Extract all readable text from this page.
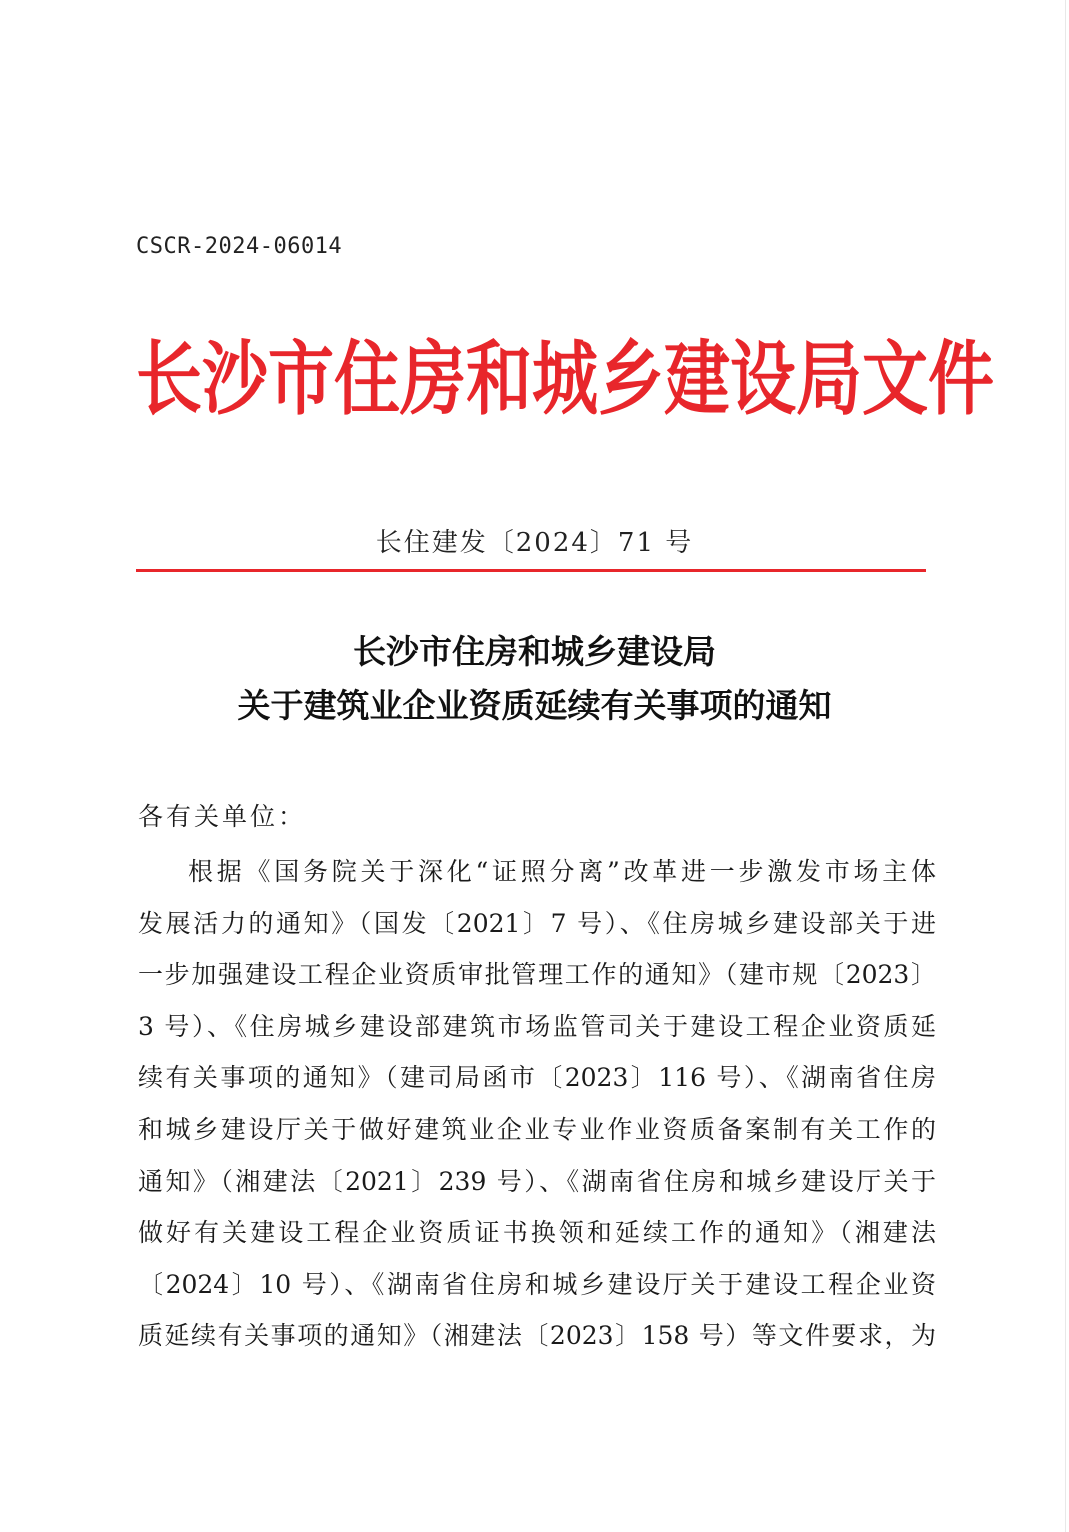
CSCR-2024-06014
长沙市住房和城乡建设局文件
长住建发〔2024〕71 号
长沙市住房和城乡建设局
关于建筑业企业资质延续有关事项的通知
各有关单位：
根据《国务院关于深化“证照分离”改革进一步激发市场主体
发展活力的通知》（国发〔2021〕7 号）、《住房城乡建设部关于进
一步加强建设工程企业资质审批管理工作的通知》（建市规〔2023〕
3 号）、《住房城乡建设部建筑市场监管司关于建设工程企业资质延
续有关事项的通知》（建司局函市〔2023〕116 号）、《湖南省住房
和城乡建设厅关于做好建筑业企业专业作业资质备案制有关工作的
通知》（湘建法〔2021〕239 号）、《湖南省住房和城乡建设厅关于
做好有关建设工程企业资质证书换领和延续工作的通知》（湘建法
〔2024〕10 号）、《湖南省住房和城乡建设厅关于建设工程企业资
质延续有关事项的通知》（湘建法〔2023〕158 号）等文件要求，为
